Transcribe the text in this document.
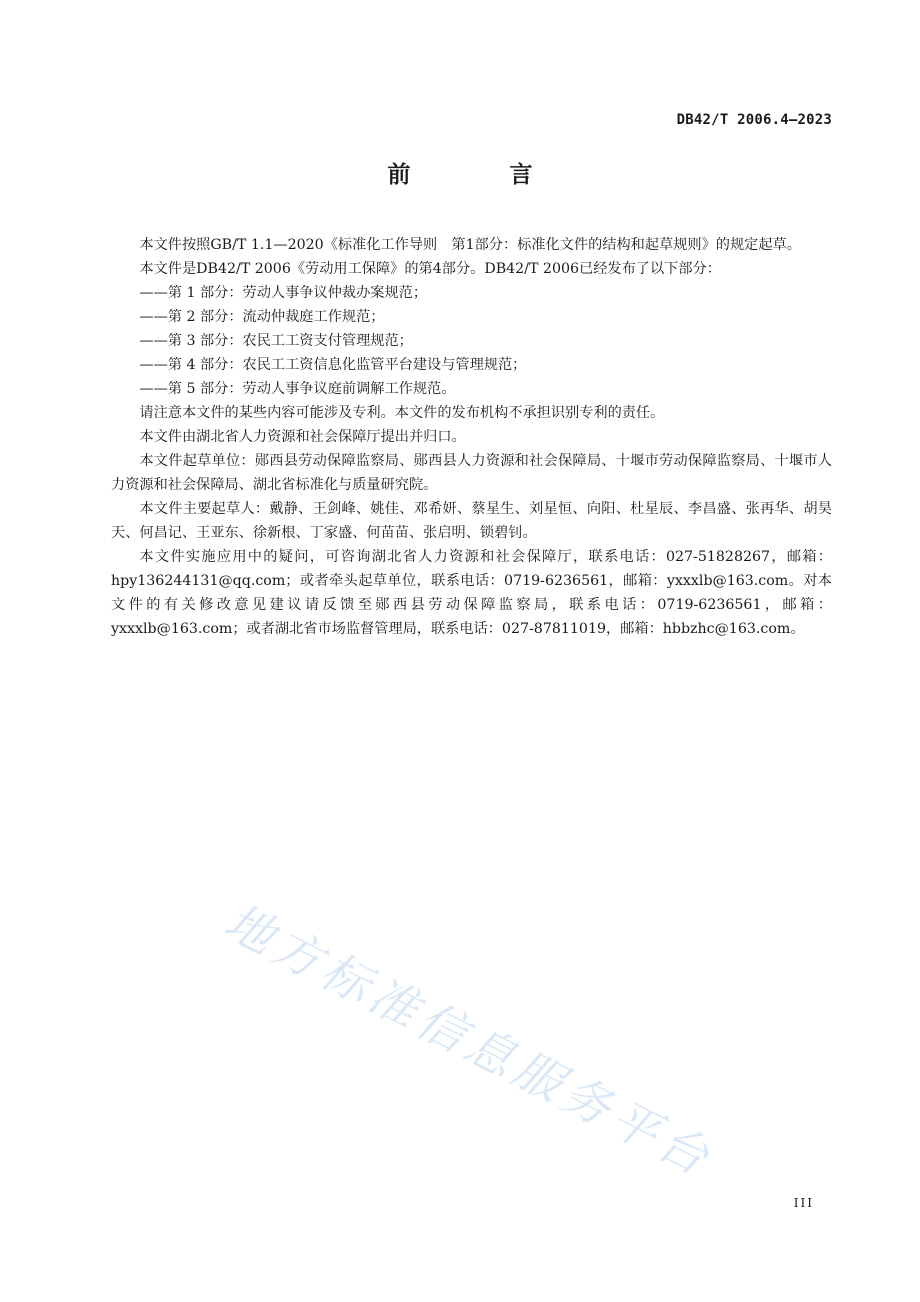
DB42/T 2006.4—2023
前　言

本文件按照GB/T 1.1—2020《标准化工作导则　第1部分：标准化文件的结构和起草规则》的规定起草。

本文件是DB42/T 2006《劳动用工保障》的第4部分。DB42/T 2006已经发布了以下部分：

——第 1 部分：劳动人事争议仲裁办案规范；

——第 2 部分：流动仲裁庭工作规范；

——第 3 部分：农民工工资支付管理规范；

——第 4 部分：农民工工资信息化监管平台建设与管理规范；

——第 5 部分：劳动人事争议庭前调解工作规范。

请注意本文件的某些内容可能涉及专利。本文件的发布机构不承担识别专利的责任。

本文件由湖北省人力资源和社会保障厅提出并归口。

本文件起草单位：郧西县劳动保障监察局、郧西县人力资源和社会保障局、十堰市劳动保障监察局、十堰市人力资源和社会保障局、湖北省标准化与质量研究院。

本文件主要起草人：戴静、王剑峰、姚佳、邓希妍、蔡星生、刘星恒、向阳、杜星辰、李昌盛、张再华、胡昊天、何昌记、王亚东、徐新根、丁家盛、何苗苗、张启明、锁碧钊。

本文件实施应用中的疑问，可咨询湖北省人力资源和社会保障厅，联系电话：027-51828267，邮箱：hpy136244131@qq.com；或者牵头起草单位，联系电话：0719-6236561，邮箱：yxxxlb@163.com。对本文件的有关修改意见建议请反馈至郧西县劳动保障监察局，联系电话：0719-6236561，邮箱：yxxxlb@163.com；或者湖北省市场监督管理局，联系电话：027-87811019，邮箱：hbbzhc@163.com。

地方标准信息服务平台
III
